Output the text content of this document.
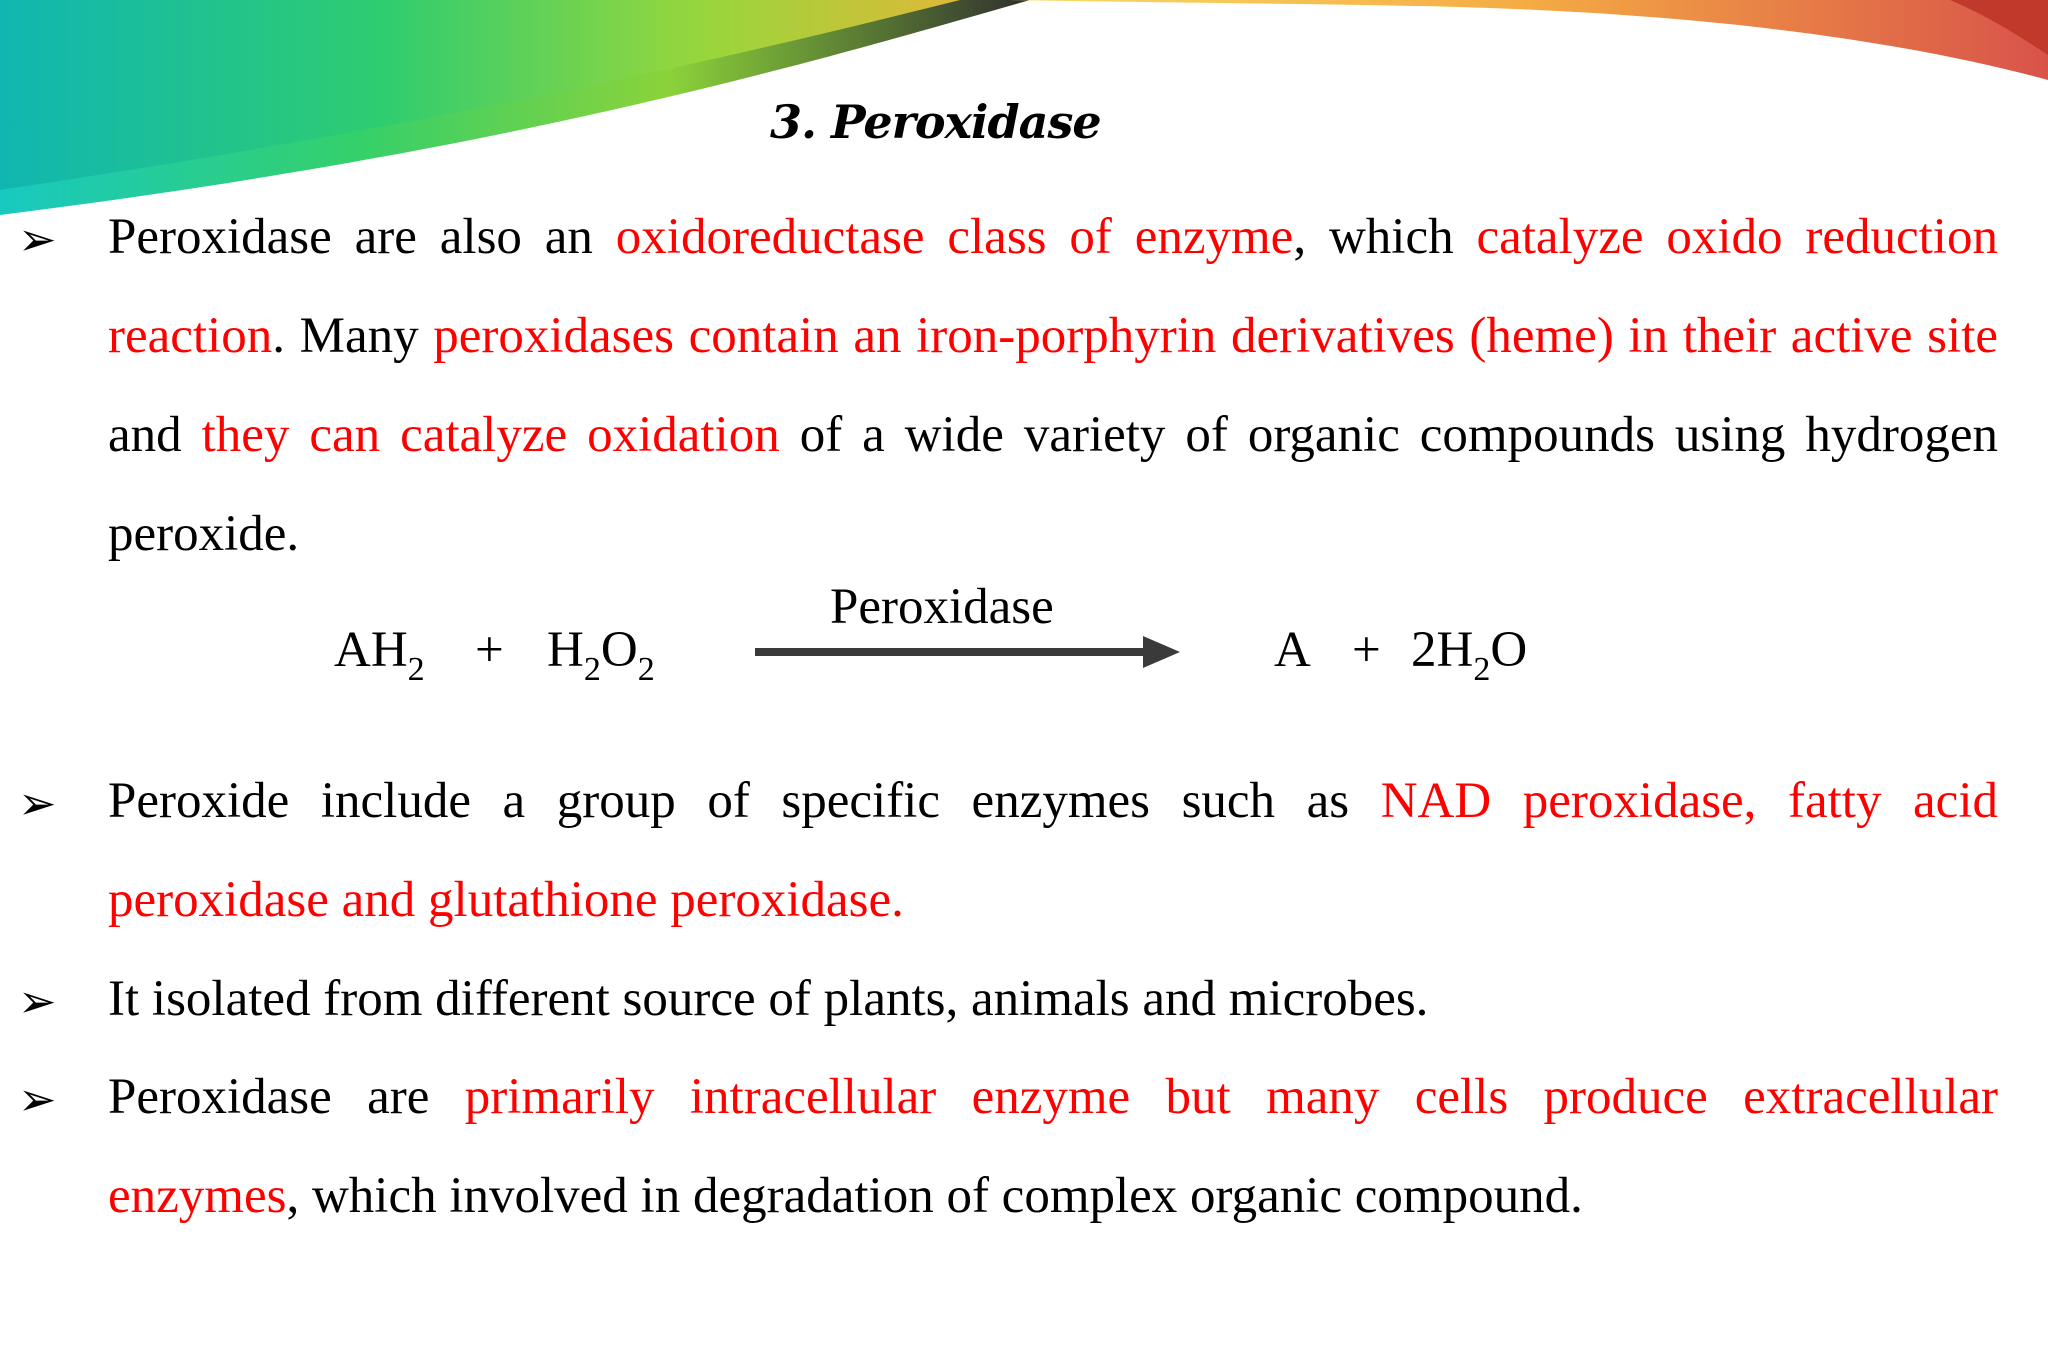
3. Peroxidase
➢ Peroxidase are also an oxidoreductase class of enzyme, which catalyze oxido reduction reaction. Many peroxidases contain an iron-porphyrin derivatives (heme) in their active site and they can catalyze oxidation of a wide variety of organic compounds using hydrogen peroxide.

$AH_2 + H_2O_2$
Peroxidase
$A + 2H_2O$
➢ Peroxide include a group of specific enzymes such as NAD peroxidase, fatty acid peroxidase and glutathione peroxidase.

➢ It isolated from different source of plants, animals and microbes.

➢ Peroxidase are primarily intracellular enzyme but many cells produce extracellular enzymes, which involved in degradation of complex organic compound.
